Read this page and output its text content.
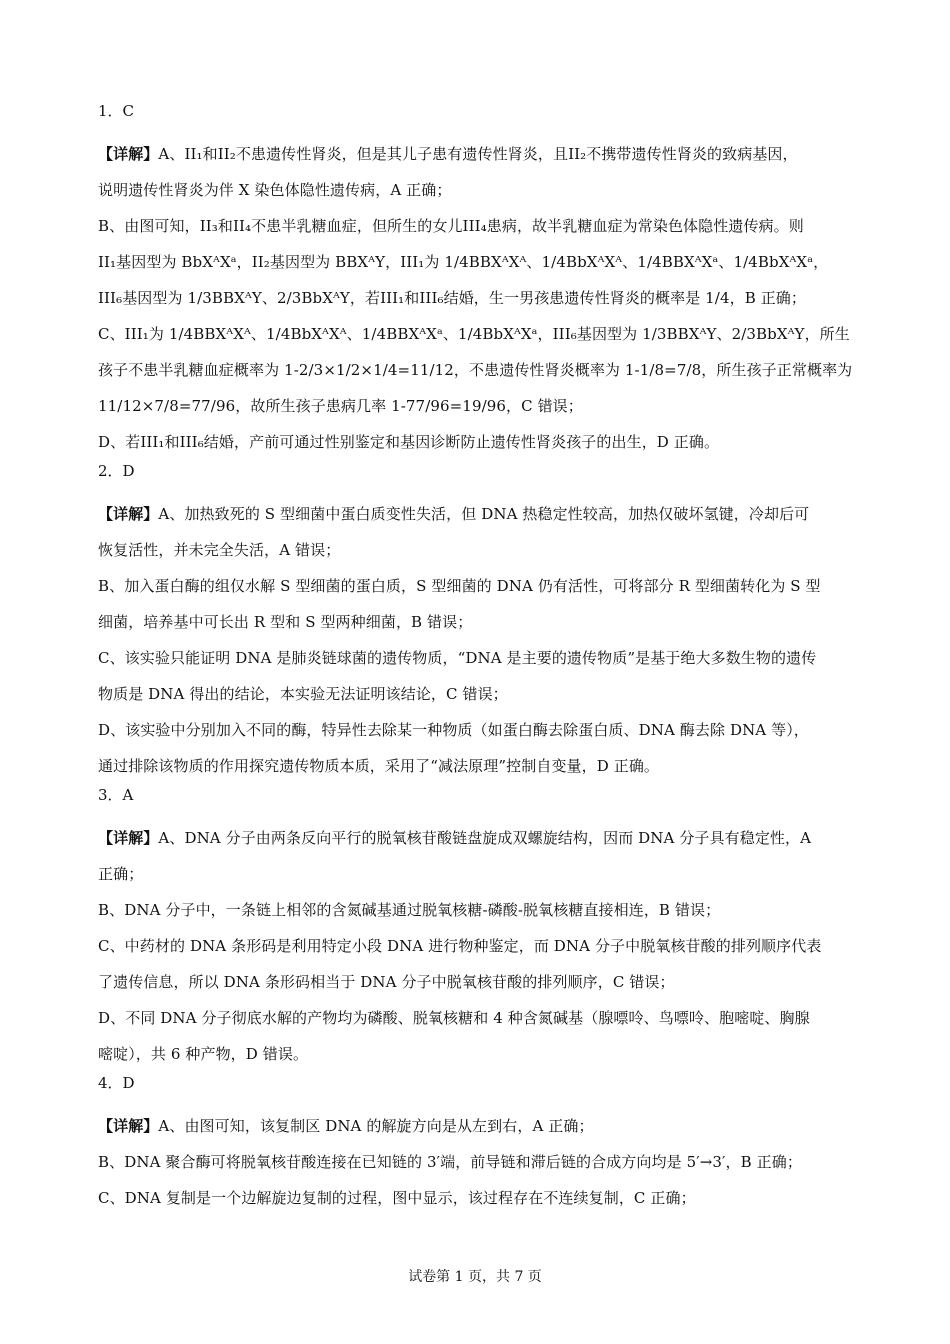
1．C
【详解】A、II₁和II₂不患遗传性肾炎，但是其儿子患有遗传性肾炎，且II₂不携带遗传性肾炎的致病基因，
说明遗传性肾炎为伴 X 染色体隐性遗传病，A 正确；
B、由图可知，II₃和II₄不患半乳糖血症，但所生的女儿III₄患病，故半乳糖血症为常染色体隐性遗传病。则
II₁基因型为 BbXᴬXᵃ，II₂基因型为 BBXᴬY，III₁为 1/4BBXᴬXᴬ、1/4BbXᴬXᴬ、1/4BBXᴬXᵃ、1/4BbXᴬXᵃ，
III₆基因型为 1/3BBXᴬY、2/3BbXᴬY，若III₁和III₆结婚，生一男孩患遗传性肾炎的概率是 1/4，B 正确；
C、III₁为 1/4BBXᴬXᴬ、1/4BbXᴬXᴬ、1/4BBXᴬXᵃ、1/4BbXᴬXᵃ，III₆基因型为 1/3BBXᴬY、2/3BbXᴬY，所生
孩子不患半乳糖血症概率为 1-2/3×1/2×1/4=11/12，不患遗传性肾炎概率为 1-1/8=7/8，所生孩子正常概率为
11/12×7/8=77/96，故所生孩子患病几率 1-77/96=19/96，C 错误；
D、若III₁和III₆结婚，产前可通过性别鉴定和基因诊断防止遗传性肾炎孩子的出生，D 正确。
2．D
【详解】A、加热致死的 S 型细菌中蛋白质变性失活，但 DNA 热稳定性较高，加热仅破坏氢键，冷却后可
恢复活性，并未完全失活，A 错误；
B、加入蛋白酶的组仅水解 S 型细菌的蛋白质，S 型细菌的 DNA 仍有活性，可将部分 R 型细菌转化为 S 型
细菌，培养基中可长出 R 型和 S 型两种细菌，B 错误；
C、该实验只能证明 DNA 是肺炎链球菌的遗传物质，“DNA 是主要的遗传物质”是基于绝大多数生物的遗传
物质是 DNA 得出的结论，本实验无法证明该结论，C 错误；
D、该实验中分别加入不同的酶，特异性去除某一种物质（如蛋白酶去除蛋白质、DNA 酶去除 DNA 等），
通过排除该物质的作用探究遗传物质本质，采用了“减法原理”控制自变量，D 正确。
3．A
【详解】A、DNA 分子由两条反向平行的脱氧核苷酸链盘旋成双螺旋结构，因而 DNA 分子具有稳定性，A
正确；
B、DNA 分子中，一条链上相邻的含氮碱基通过脱氧核糖-磷酸-脱氧核糖直接相连，B 错误；
C、中药材的 DNA 条形码是利用特定小段 DNA 进行物种鉴定，而 DNA 分子中脱氧核苷酸的排列顺序代表
了遗传信息，所以 DNA 条形码相当于 DNA 分子中脱氧核苷酸的排列顺序，C 错误；
D、不同 DNA 分子彻底水解的产物均为磷酸、脱氧核糖和 4 种含氮碱基（腺嘌呤、鸟嘌呤、胞嘧啶、胸腺
嘧啶），共 6 种产物，D 错误。
4．D
【详解】A、由图可知，该复制区 DNA 的解旋方向是从左到右，A 正确；
B、DNA 聚合酶可将脱氧核苷酸连接在已知链的 3′端，前导链和滞后链的合成方向均是 5′→3′，B 正确；
C、DNA 复制是一个边解旋边复制的过程，图中显示，该过程存在不连续复制，C 正确；
试卷第 1 页，共 7 页
